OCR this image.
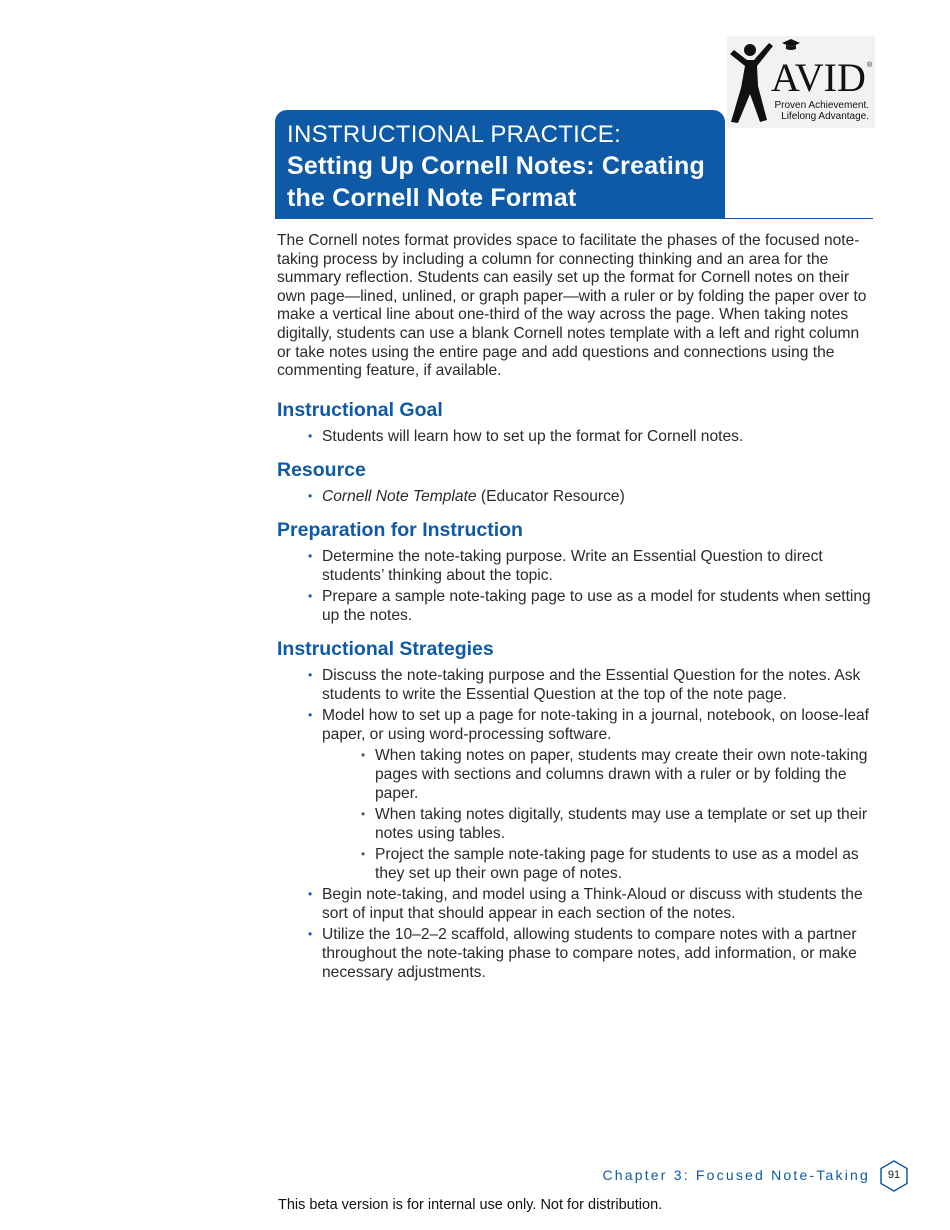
AVID ®
Proven Achievement.
Lifelong Advantage.
INSTRUCTIONAL PRACTICE:
Setting Up Cornell Notes: Creating
the Cornell Note Format

The Cornell notes format provides space to facilitate the phases of the focused note-taking process by including a column for connecting thinking and an area for the summary reflection. Students can easily set up the format for Cornell notes on their own page—lined, unlined, or graph paper—with a ruler or by folding the paper over to make a vertical line about one-third of the way across the page. When taking notes digitally, students can use a blank Cornell notes template with a left and right column or take notes using the entire page and add questions and connections using the commenting feature, if available.

Instructional Goal
• Students will learn how to set up the format for Cornell notes.
Resource
• Cornell Note Template (Educator Resource)
Preparation for Instruction
• Determine the note-taking purpose. Write an Essential Question to direct students’ thinking about the topic.
• Prepare a sample note-taking page to use as a model for students when setting up the notes.
Instructional Strategies
• Discuss the note-taking purpose and the Essential Question for the notes. Ask students to write the Essential Question at the top of the note page.
• Model how to set up a page for note-taking in a journal, notebook, on loose-leaf paper, or using word-processing software.
• When taking notes on paper, students may create their own note-taking pages with sections and columns drawn with a ruler or by folding the paper.
• When taking notes digitally, students may use a template or set up their notes using tables.
• Project the sample note-taking page for students to use as a model as they set up their own page of notes.
• Begin note-taking, and model using a Think-Aloud or discuss with students the sort of input that should appear in each section of the notes.
• Utilize the 10–2–2 scaffold, allowing students to compare notes with a partner throughout the note-taking phase to compare notes, add information, or make necessary adjustments.
Chapter 3: Focused Note-Taking	91
This beta version is for internal use only. Not for distribution.
